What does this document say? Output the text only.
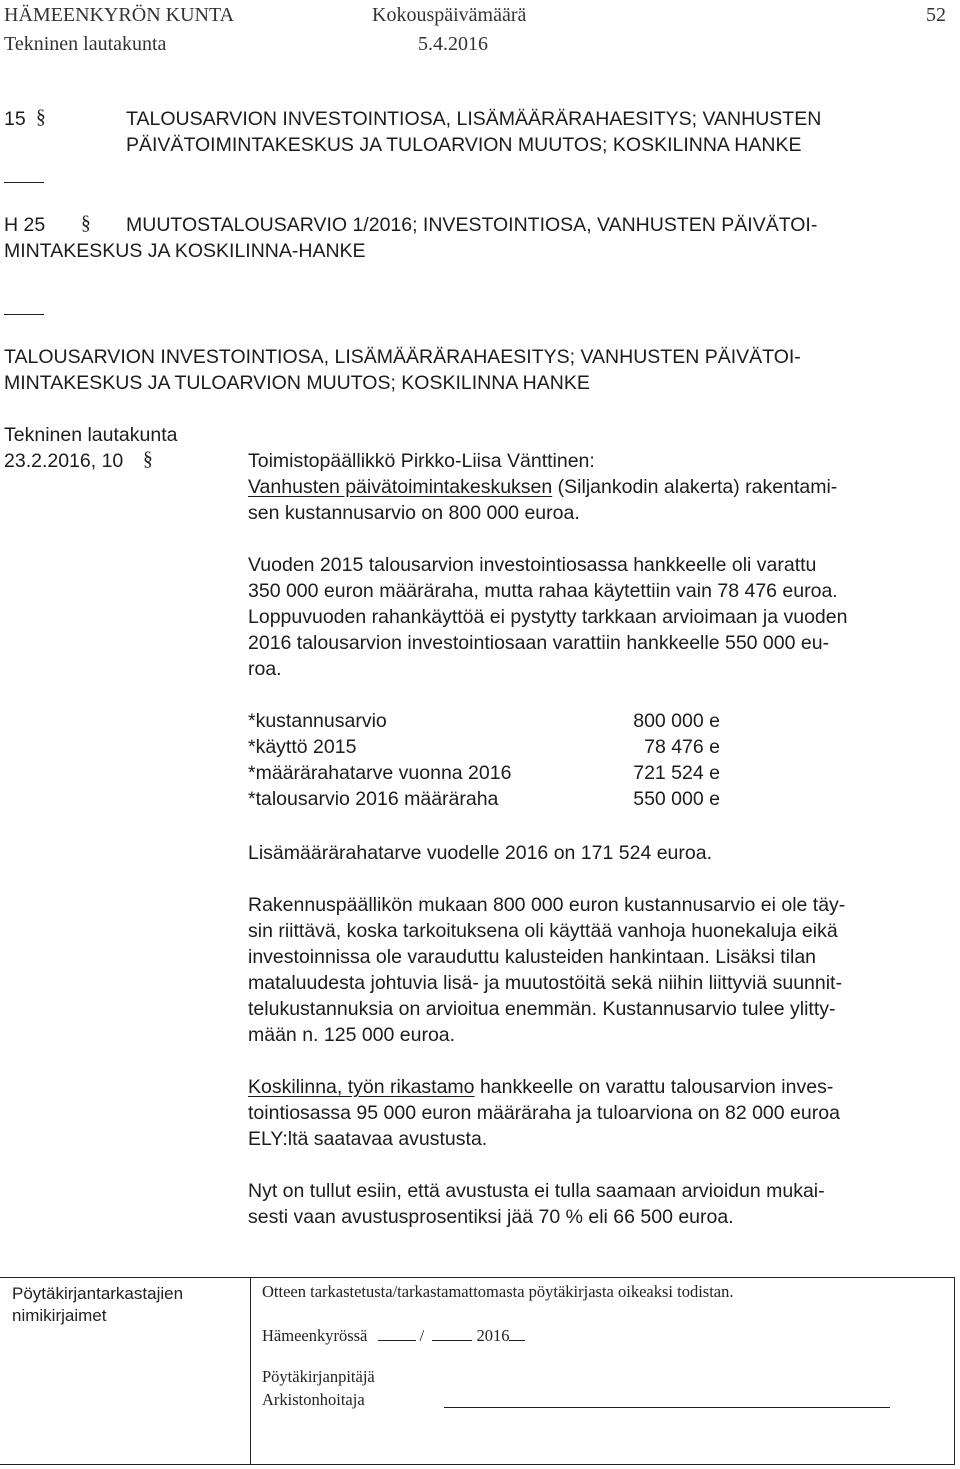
HÄMEENKYRÖN KUNTA	Kokouspäivämäärä	52
Tekninen lautakunta	5.4.2016
15 §	TALOUSARVION INVESTOINTIOSA, LISÄMÄÄRÄRAHAESITYS; VANHUSTEN
PÄIVÄTOIMINTAKESKUS JA TULOARVION MUUTOS; KOSKILINNA HANKE
H 25 § MUUTOSTALOUSARVIO 1/2016; INVESTOINTIOSA, VANHUSTEN PÄIVÄTOI-
MINTAKESKUS JA KOSKILINNA-HANKE
TALOUSARVION INVESTOINTIOSA, LISÄMÄÄRÄRAHAESITYS; VANHUSTEN PÄIVÄTOI-
MINTAKESKUS JA TULOARVION MUUTOS; KOSKILINNA HANKE
Tekninen lautakunta
23.2.2016, 10 §	Toimistopäällikkö Pirkko-Liisa Vänttinen:
Vanhusten päivätoimintakeskuksen (Siljankodin alakerta) rakentami-
sen kustannusarvio on 800 000 euroa.
Vuoden 2015 talousarvion investointiosassa hankkeelle oli varattu
350 000 euron määräraha, mutta rahaa käytettiin vain 78 476 euroa.
Loppuvuoden rahankäyttöä ei pystytty tarkkaan arvioimaan ja vuoden
2016 talousarvion investointiosaan varattiin hankkeelle 550 000 eu-
roa.
*kustannusarvio	800 000 e
*käyttö 2015	78 476 e
*määrärahatarve vuonna 2016	721 524 e
*talousarvio 2016 määräraha	550 000 e
Lisämäärärahatarve vuodelle 2016 on 171 524 euroa.
Rakennuspäällikön mukaan 800 000 euron kustannusarvio ei ole täy-
sin riittävä, koska tarkoituksena oli käyttää vanhoja huonekaluja eikä
investoinnissa ole varauduttu kalusteiden hankintaan. Lisäksi tilan
mataluudesta johtuvia lisä- ja muutostöitä sekä niihin liittyviä suunnit-
telukustannuksia on arvioitua enemmän. Kustannusarvio tulee ylitty-
mään n. 125 000 euroa.
Koskilinna, työn rikastamo hankkeelle on varattu talousarvion inves-
tointiosassa 95 000 euron määräraha ja tuloarviona on 82 000 euroa
ELY:ltä saatavaa avustusta.
Nyt on tullut esiin, että avustusta ei tulla saamaan arvioidun mukai-
sesti vaan avustusprosentiksi jää 70 % eli 66 500 euroa.
Pöytäkirjantarkastajien
nimikirjaimet
Otteen tarkastetusta/tarkastamattomasta pöytäkirjasta oikeaksi todistan.
Hämeenkyrössä	/	2016
Pöytäkirjanpitäjä
Arkistonhoitaja
